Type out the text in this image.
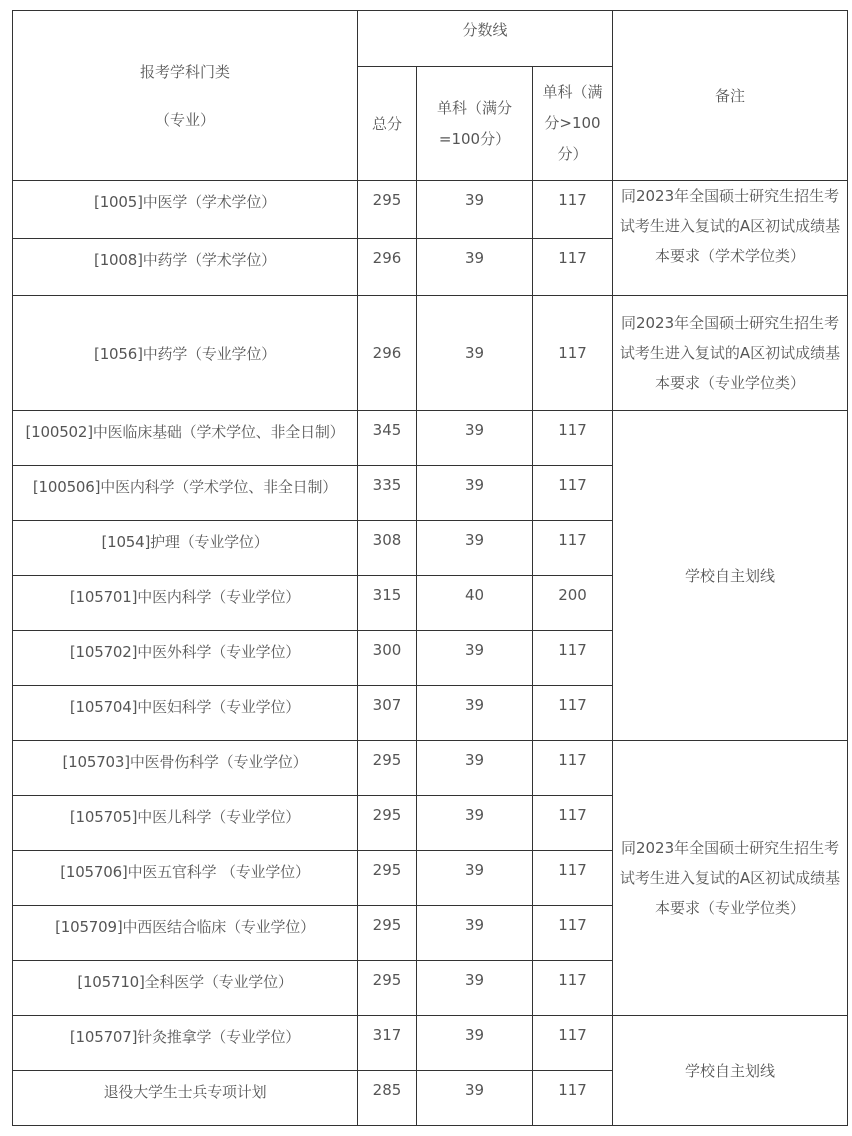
报考学科门类
（专业）	分数线			备注
	总分	单科（满分=100分）	单科（满分>100分）	
[1005]中医学（学术学位）	295	39	117	同2023年全国硕士研究生招生考试考生进入复试的A区初试成绩基本要求（学术学位类）
[1008]中药学（学术学位）	296	39	117	
[1056]中药学（专业学位）	296	39	117	同2023年全国硕士研究生招生考试考生进入复试的A区初试成绩基本要求（专业学位类）
[100502]中医临床基础（学术学位、非全日制）	345	39	117	学校自主划线
[100506]中医内科学（学术学位、非全日制）	335	39	117	
[1054]护理（专业学位）	308	39	117	
[105701]中医内科学（专业学位）	315	40	200	
[105702]中医外科学（专业学位）	300	39	117	
[105704]中医妇科学（专业学位）	307	39	117	
[105703]中医骨伤科学（专业学位）	295	39	117	同2023年全国硕士研究生招生考试考生进入复试的A区初试成绩基本要求（专业学位类）
[105705]中医儿科学（专业学位）	295	39	117	
[105706]中医五官科学 （专业学位）	295	39	117	
[105709]中西医结合临床（专业学位）	295	39	117	
[105710]全科医学（专业学位）	295	39	117	
[105707]针灸推拿学（专业学位）	317	39	117	学校自主划线
退役大学生士兵专项计划	285	39	117	
